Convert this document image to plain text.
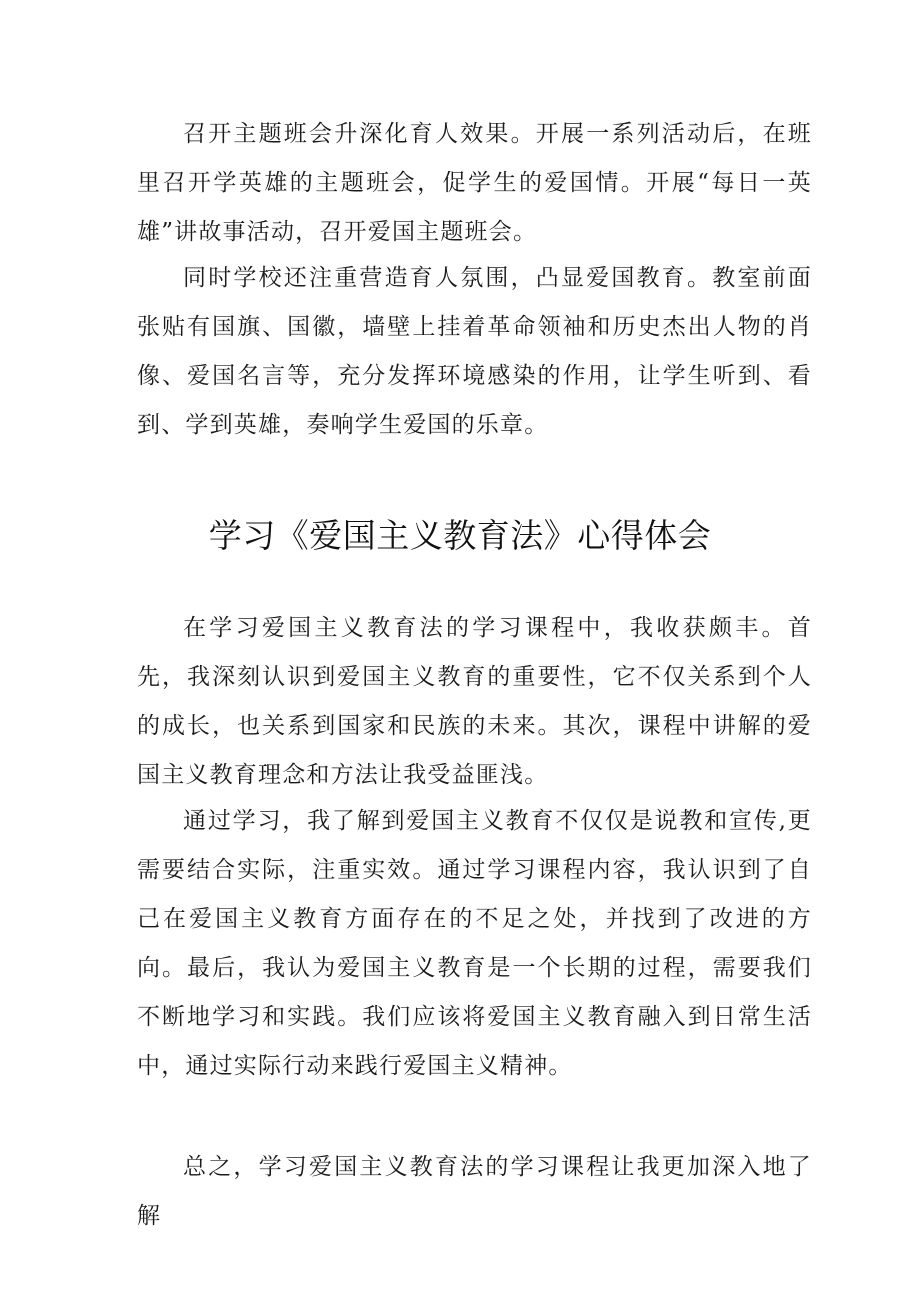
召开主题班会升深化育人效果。开展一系列活动后，在班里召开学英雄的主题班会，促学生的爱国情。开展“每日一英雄”讲故事活动，召开爱国主题班会。

同时学校还注重营造育人氛围，凸显爱国教育。教室前面张贴有国旗、国徽，墙壁上挂着革命领袖和历史杰出人物的肖像、爱国名言等，充分发挥环境感染的作用，让学生听到、看到、学到英雄，奏响学生爱国的乐章。

学习《爱国主义教育法》心得体会

在学习爱国主义教育法的学习课程中，我收获颇丰。首先，我深刻认识到爱国主义教育的重要性，它不仅关系到个人的成长，也关系到国家和民族的未来。其次，课程中讲解的爱国主义教育理念和方法让我受益匪浅。

通过学习，我了解到爱国主义教育不仅仅是说教和宣传,更需要结合实际，注重实效。通过学习课程内容，我认识到了自己在爱国主义教育方面存在的不足之处，并找到了改进的方向。最后，我认为爱国主义教育是一个长期的过程，需要我们不断地学习和实践。我们应该将爱国主义教育融入到日常生活中，通过实际行动来践行爱国主义精神。

总之，学习爱国主义教育法的学习课程让我更加深入地了解
